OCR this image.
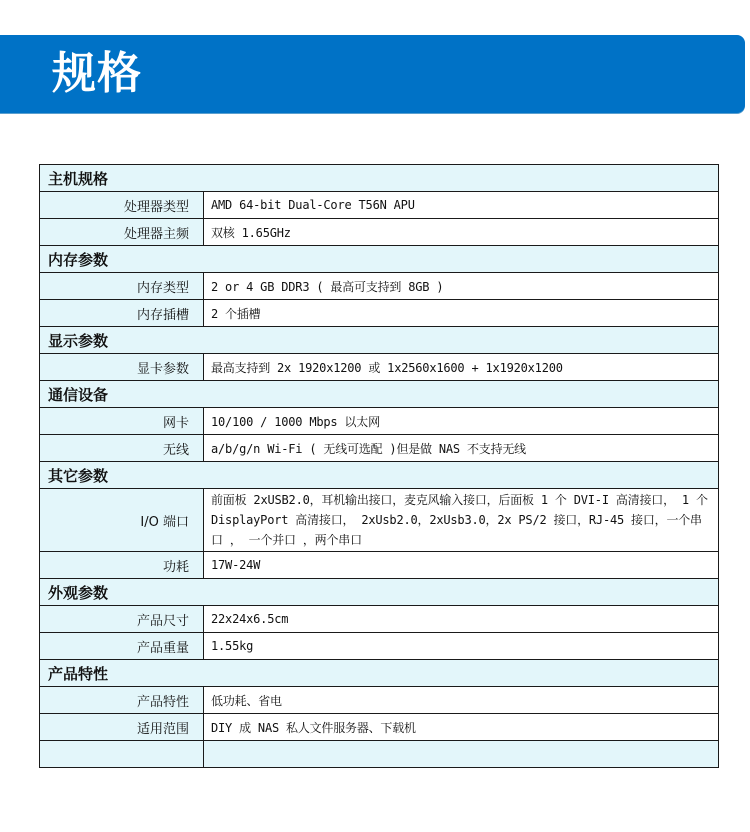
规格
主机规格	
处理器类型	AMD 64-bit Dual-Core T56N APU
处理器主频	双核 1.65GHz
内存参数	
内存类型	2 or 4 GB DDR3 ( 最高可支持到 8GB )
内存插槽	2 个插槽
显示参数	
显卡参数	最高支持到 2x 1920x1200 或 1x2560x1600 + 1x1920x1200
通信设备	
网卡	10/100 / 1000 Mbps 以太网
无线	a/b/g/n Wi-Fi ( 无线可选配 )但是做 NAS 不支持无线
其它参数	
I/O 端口	前面板 2xUSB2.0，耳机输出接口，麦克风输入接口，后面板 1 个 DVI-I 高清接口， 1 个 DisplayPort 高清接口， 2xUsb2.0，2xUsb3.0，2x PS/2 接口，RJ-45 接口，一个串口 ， 一个并口 ，两个串口
功耗	17W-24W
外观参数	
产品尺寸	22x24x6.5cm
产品重量	1.55kg
产品特性	
产品特性	低功耗、省电
适用范围	DIY 成 NAS 私人文件服务器、下载机
